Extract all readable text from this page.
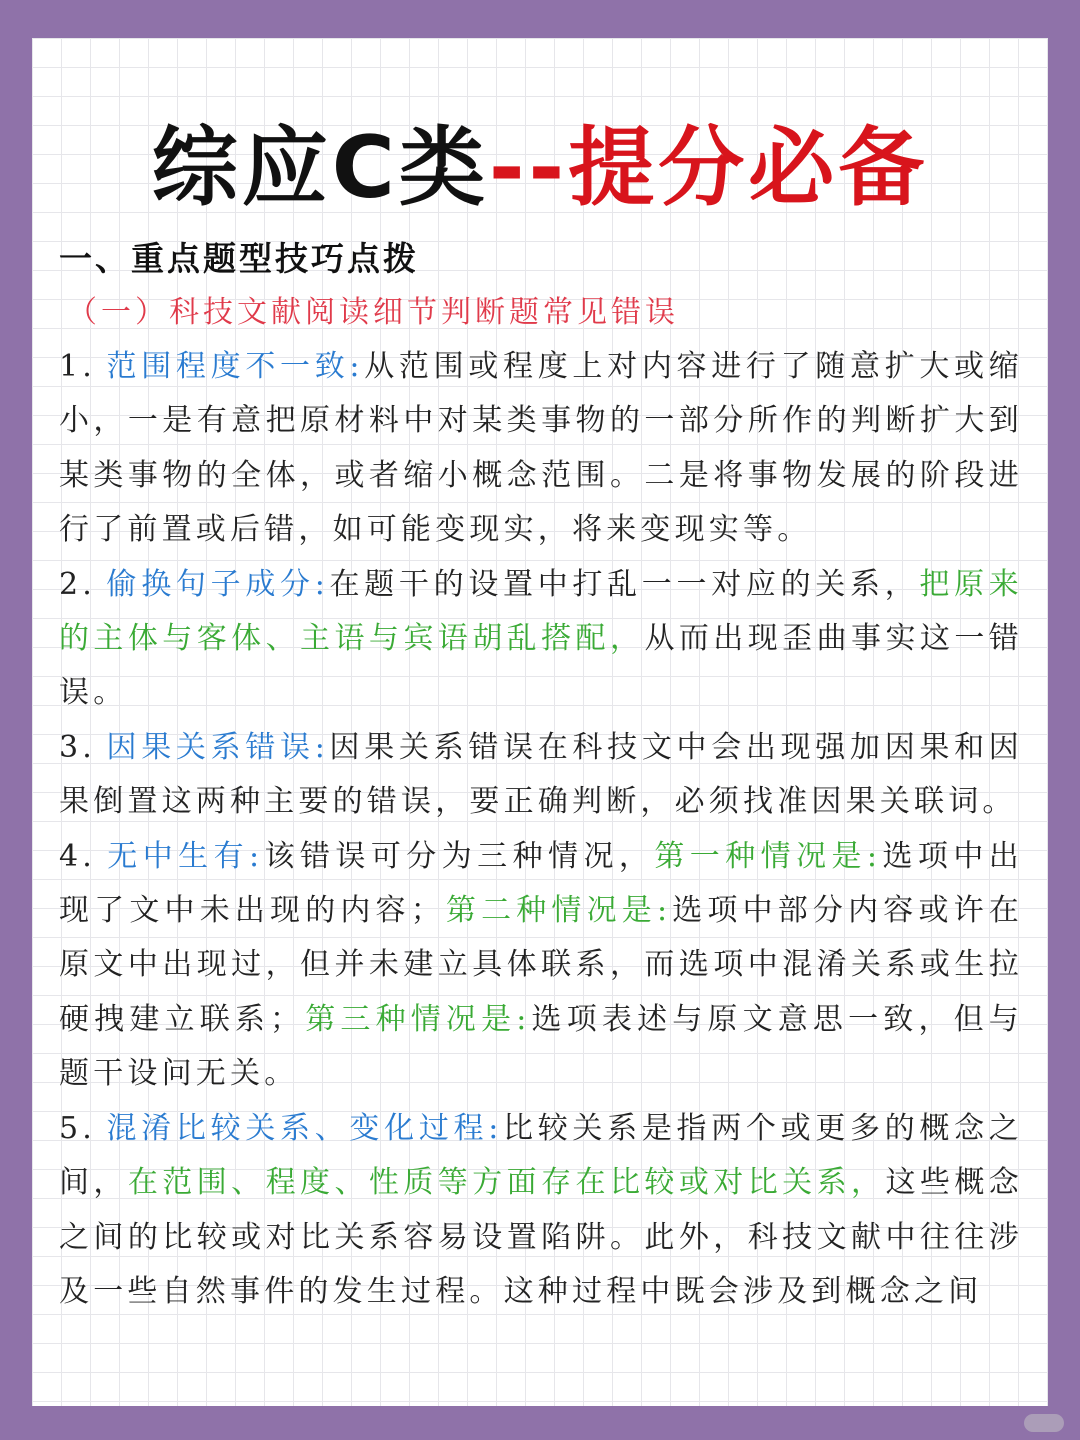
综应C类--提分必备
一、重点题型技巧点拨
（一）科技文献阅读细节判断题常见错误
1. 范围程度不一致:从范围或程度上对内容进行了随意扩大或缩小，一是有意把原材料中对某类事物的一部分所作的判断扩大到某类事物的全体，或者缩小概念范围。二是将事物发展的阶段进行了前置或后错，如可能变现实，将来变现实等。
2. 偷换句子成分:在题干的设置中打乱一一对应的关系，把原来的主体与客体、主语与宾语胡乱搭配，从而出现歪曲事实这一错误。
3. 因果关系错误:因果关系错误在科技文中会出现强加因果和因果倒置这两种主要的错误，要正确判断，必须找准因果关联词。
4. 无中生有:该错误可分为三种情况，第一种情况是:选项中出现了文中未出现的内容；第二种情况是:选项中部分内容或许在原文中出现过，但并未建立具体联系，而选项中混淆关系或生拉硬拽建立联系；第三种情况是:选项表述与原文意思一致，但与题干设问无关。
5. 混淆比较关系、变化过程:比较关系是指两个或更多的概念之间，在范围、程度、性质等方面存在比较或对比关系，这些概念之间的比较或对比关系容易设置陷阱。此外，科技文献中往往涉及一些自然事件的发生过程。这种过程中既会涉及到概念之间
